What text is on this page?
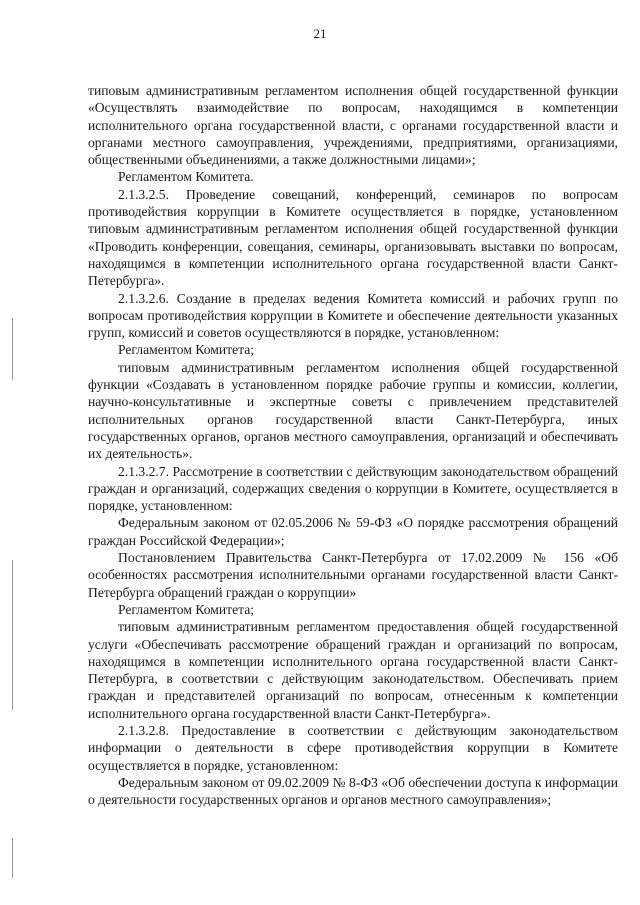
21

типовым административным регламентом исполнения общей государственной функции «Осуществлять взаимодействие по вопросам, находящимся в компетенции исполнительного органа государственной власти, с органами государственной власти и органами местного самоуправления, учреждениями, предприятиями, организациями, общественными объединениями, а также должностными лицами»;

Регламентом Комитета.

2.1.3.2.5. Проведение совещаний, конференций, семинаров по вопросам противодействия коррупции в Комитете осуществляется в порядке, установленном типовым административным регламентом исполнения общей государственной функции «Проводить конференции, совещания, семинары, организовывать выставки по вопросам, находящимся в компетенции исполнительного органа государственной власти Санкт-Петербурга».

2.1.3.2.6. Создание в пределах ведения Комитета комиссий и рабочих групп по вопросам противодействия коррупции в Комитете и обеспечение деятельности указанных групп, комиссий и советов осуществляются в порядке, установленном:

Регламентом Комитета;

типовым административным регламентом исполнения общей государственной функции «Создавать в установленном порядке рабочие группы и комиссии, коллегии, научно-консультативные и экспертные советы с привлечением представителей исполнительных органов государственной власти Санкт-Петербурга, иных государственных органов, органов местного самоуправления, организаций и обеспечивать их деятельность».

2.1.3.2.7. Рассмотрение в соответствии с действующим законодательством обращений граждан и организаций, содержащих сведения о коррупции в Комитете, осуществляется в порядке, установленном:

Федеральным законом от 02.05.2006 № 59-ФЗ «О порядке рассмотрения обращений граждан Российской Федерации»;

Постановлением Правительства Санкт-Петербурга от 17.02.2009 № 156 «Об особенностях рассмотрения исполнительными органами государственной власти Санкт-Петербурга обращений граждан о коррупции»

Регламентом Комитета;

типовым административным регламентом предоставления общей государственной услуги «Обеспечивать рассмотрение обращений граждан и организаций по вопросам, находящимся в компетенции исполнительного органа государственной власти Санкт-Петербурга, в соответствии с действующим законодательством. Обеспечивать прием граждан и представителей организаций по вопросам, отнесенным к компетенции исполнительного органа государственной власти Санкт-Петербурга».

2.1.3.2.8. Предоставление в соответствии с действующим законодательством информации о деятельности в сфере противодействия коррупции в Комитете осуществляется в порядке, установленном:

Федеральным законом от 09.02.2009 № 8-ФЗ «Об обеспечении доступа к информации о деятельности государственных органов и органов местного самоуправления»;
